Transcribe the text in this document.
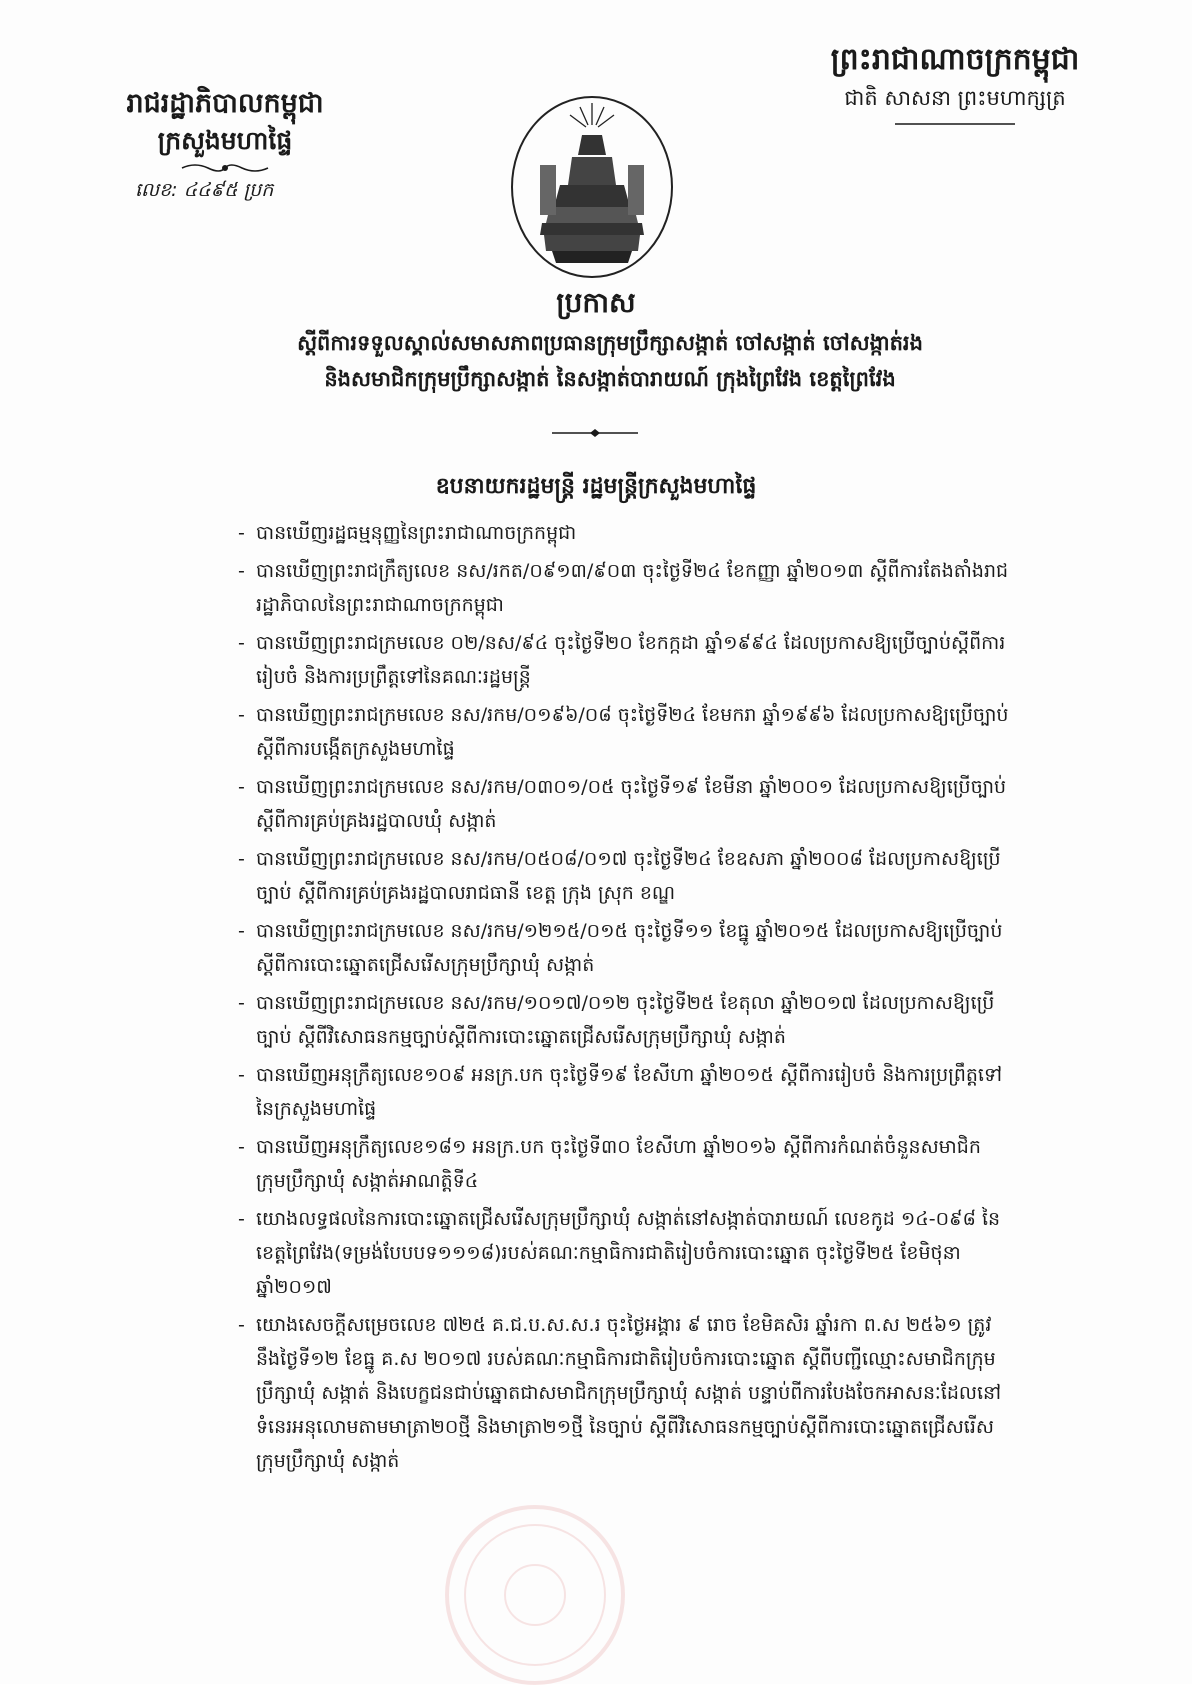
ព្រះរាជាណាចក្រកម្ពុជា
ជាតិ សាសនា ព្រះមហាក្សត្រ
រាជរដ្ឋាភិបាលកម្ពុជា
ក្រសួងមហាផ្ទៃ
លេខ: ៤៤៩៥ ប្រក
ប្រកាស
ស្តីពីការទទួលស្គាល់សមាសភាពប្រធានក្រុមប្រឹក្សាសង្កាត់ ចៅសង្កាត់ ចៅសង្កាត់រង
និងសមាជិកក្រុមប្រឹក្សាសង្កាត់ នៃសង្កាត់បារាយណ៍ ក្រុងព្រៃវែង ខេត្តព្រៃវែង
ឧបនាយករដ្ឋមន្ត្រី រដ្ឋមន្ត្រីក្រសួងមហាផ្ទៃ
- បានឃើញរដ្ឋធម្មនុញ្ញនៃព្រះរាជាណាចក្រកម្ពុជា
- បានឃើញព្រះរាជក្រឹត្យលេខ នស/រកត/០៩១៣/៩០៣ ចុះថ្ងៃទី២៤ ខែកញ្ញា ឆ្នាំ២០១៣ ស្តីពីការតែងតាំងរាជរដ្ឋាភិបាលនៃព្រះរាជាណាចក្រកម្ពុជា
- បានឃើញព្រះរាជក្រមលេខ ០២/នស/៩៤ ចុះថ្ងៃទី២០ ខែកក្កដា ឆ្នាំ១៩៩៤ ដែលប្រកាសឱ្យប្រើច្បាប់ស្តីពីការរៀបចំ និងការប្រព្រឹត្តទៅនៃគណៈរដ្ឋមន្ត្រី
- បានឃើញព្រះរាជក្រមលេខ នស/រកម/០១៩៦/០៨ ចុះថ្ងៃទី២៤ ខែមករា ឆ្នាំ១៩៩៦ ដែលប្រកាសឱ្យប្រើច្បាប់ ស្តីពីការបង្កើតក្រសួងមហាផ្ទៃ
- បានឃើញព្រះរាជក្រមលេខ នស/រកម/០៣០១/០៥ ចុះថ្ងៃទី១៩ ខែមីនា ឆ្នាំ២០០១ ដែលប្រកាសឱ្យប្រើច្បាប់ ស្តីពីការគ្រប់គ្រងរដ្ឋបាលឃុំ សង្កាត់
- បានឃើញព្រះរាជក្រមលេខ នស/រកម/០៥០៨/០១៧ ចុះថ្ងៃទី២៤ ខែឧសភា ឆ្នាំ២០០៨ ដែលប្រកាសឱ្យប្រើច្បាប់ ស្តីពីការគ្រប់គ្រងរដ្ឋបាលរាជធានី ខេត្ត ក្រុង ស្រុក ខណ្ឌ
- បានឃើញព្រះរាជក្រមលេខ នស/រកម/១២១៥/០១៥ ចុះថ្ងៃទី១១ ខែធ្នូ ឆ្នាំ២០១៥ ដែលប្រកាសឱ្យប្រើច្បាប់ ស្តីពីការបោះឆ្នោតជ្រើសរើសក្រុមប្រឹក្សាឃុំ សង្កាត់
- បានឃើញព្រះរាជក្រមលេខ នស/រកម/១០១៧/០១២ ចុះថ្ងៃទី២៥ ខែតុលា ឆ្នាំ២០១៧ ដែលប្រកាសឱ្យប្រើច្បាប់ ស្តីពីវិសោធនកម្មច្បាប់ស្តីពីការបោះឆ្នោតជ្រើសរើសក្រុមប្រឹក្សាឃុំ សង្កាត់
- បានឃើញអនុក្រឹត្យលេខ១០៩ អនក្រ.បក ចុះថ្ងៃទី១៩ ខែសីហា ឆ្នាំ២០១៥ ស្តីពីការរៀបចំ និងការប្រព្រឹត្តទៅនៃក្រសួងមហាផ្ទៃ
- បានឃើញអនុក្រឹត្យលេខ១៨១ អនក្រ.បក ចុះថ្ងៃទី៣០ ខែសីហា ឆ្នាំ២០១៦ ស្តីពីការកំណត់ចំនួនសមាជិកក្រុមប្រឹក្សាឃុំ សង្កាត់អាណត្តិទី៤
- យោងលទ្ធផលនៃការបោះឆ្នោតជ្រើសរើសក្រុមប្រឹក្សាឃុំ សង្កាត់នៅសង្កាត់បារាយណ៍ លេខកូដ ១៤-០៩៨ នៃខេត្តព្រៃវែង(ទម្រង់បែបបទ១១១៨)របស់គណៈកម្មាធិការជាតិរៀបចំការបោះឆ្នោត ចុះថ្ងៃទី២៥ ខែមិថុនា ឆ្នាំ២០១៧
- យោងសេចក្តីសម្រេចលេខ ៧២៥ គ.ជ.ប.ស.ស.រ ចុះថ្ងៃអង្គារ ៩ រោច ខែមិគសិរ ឆ្នាំរកា ព.ស ២៥៦១ ត្រូវនឹងថ្ងៃទី១២ ខែធ្នូ គ.ស ២០១៧ របស់គណៈកម្មាធិការជាតិរៀបចំការបោះឆ្នោត ស្តីពីបញ្ជីឈ្មោះសមាជិកក្រុមប្រឹក្សាឃុំ សង្កាត់ និងបេក្ខជនជាប់ឆ្នោតជាសមាជិកក្រុមប្រឹក្សាឃុំ សង្កាត់ បន្ទាប់ពីការបែងចែកអាសនៈដែលនៅទំនេរអនុលោមតាមមាត្រា២០ថ្មី និងមាត្រា២១ថ្មី នៃច្បាប់ ស្តីពីវិសោធនកម្មច្បាប់ស្តីពីការបោះឆ្នោតជ្រើសរើសក្រុមប្រឹក្សាឃុំ សង្កាត់
